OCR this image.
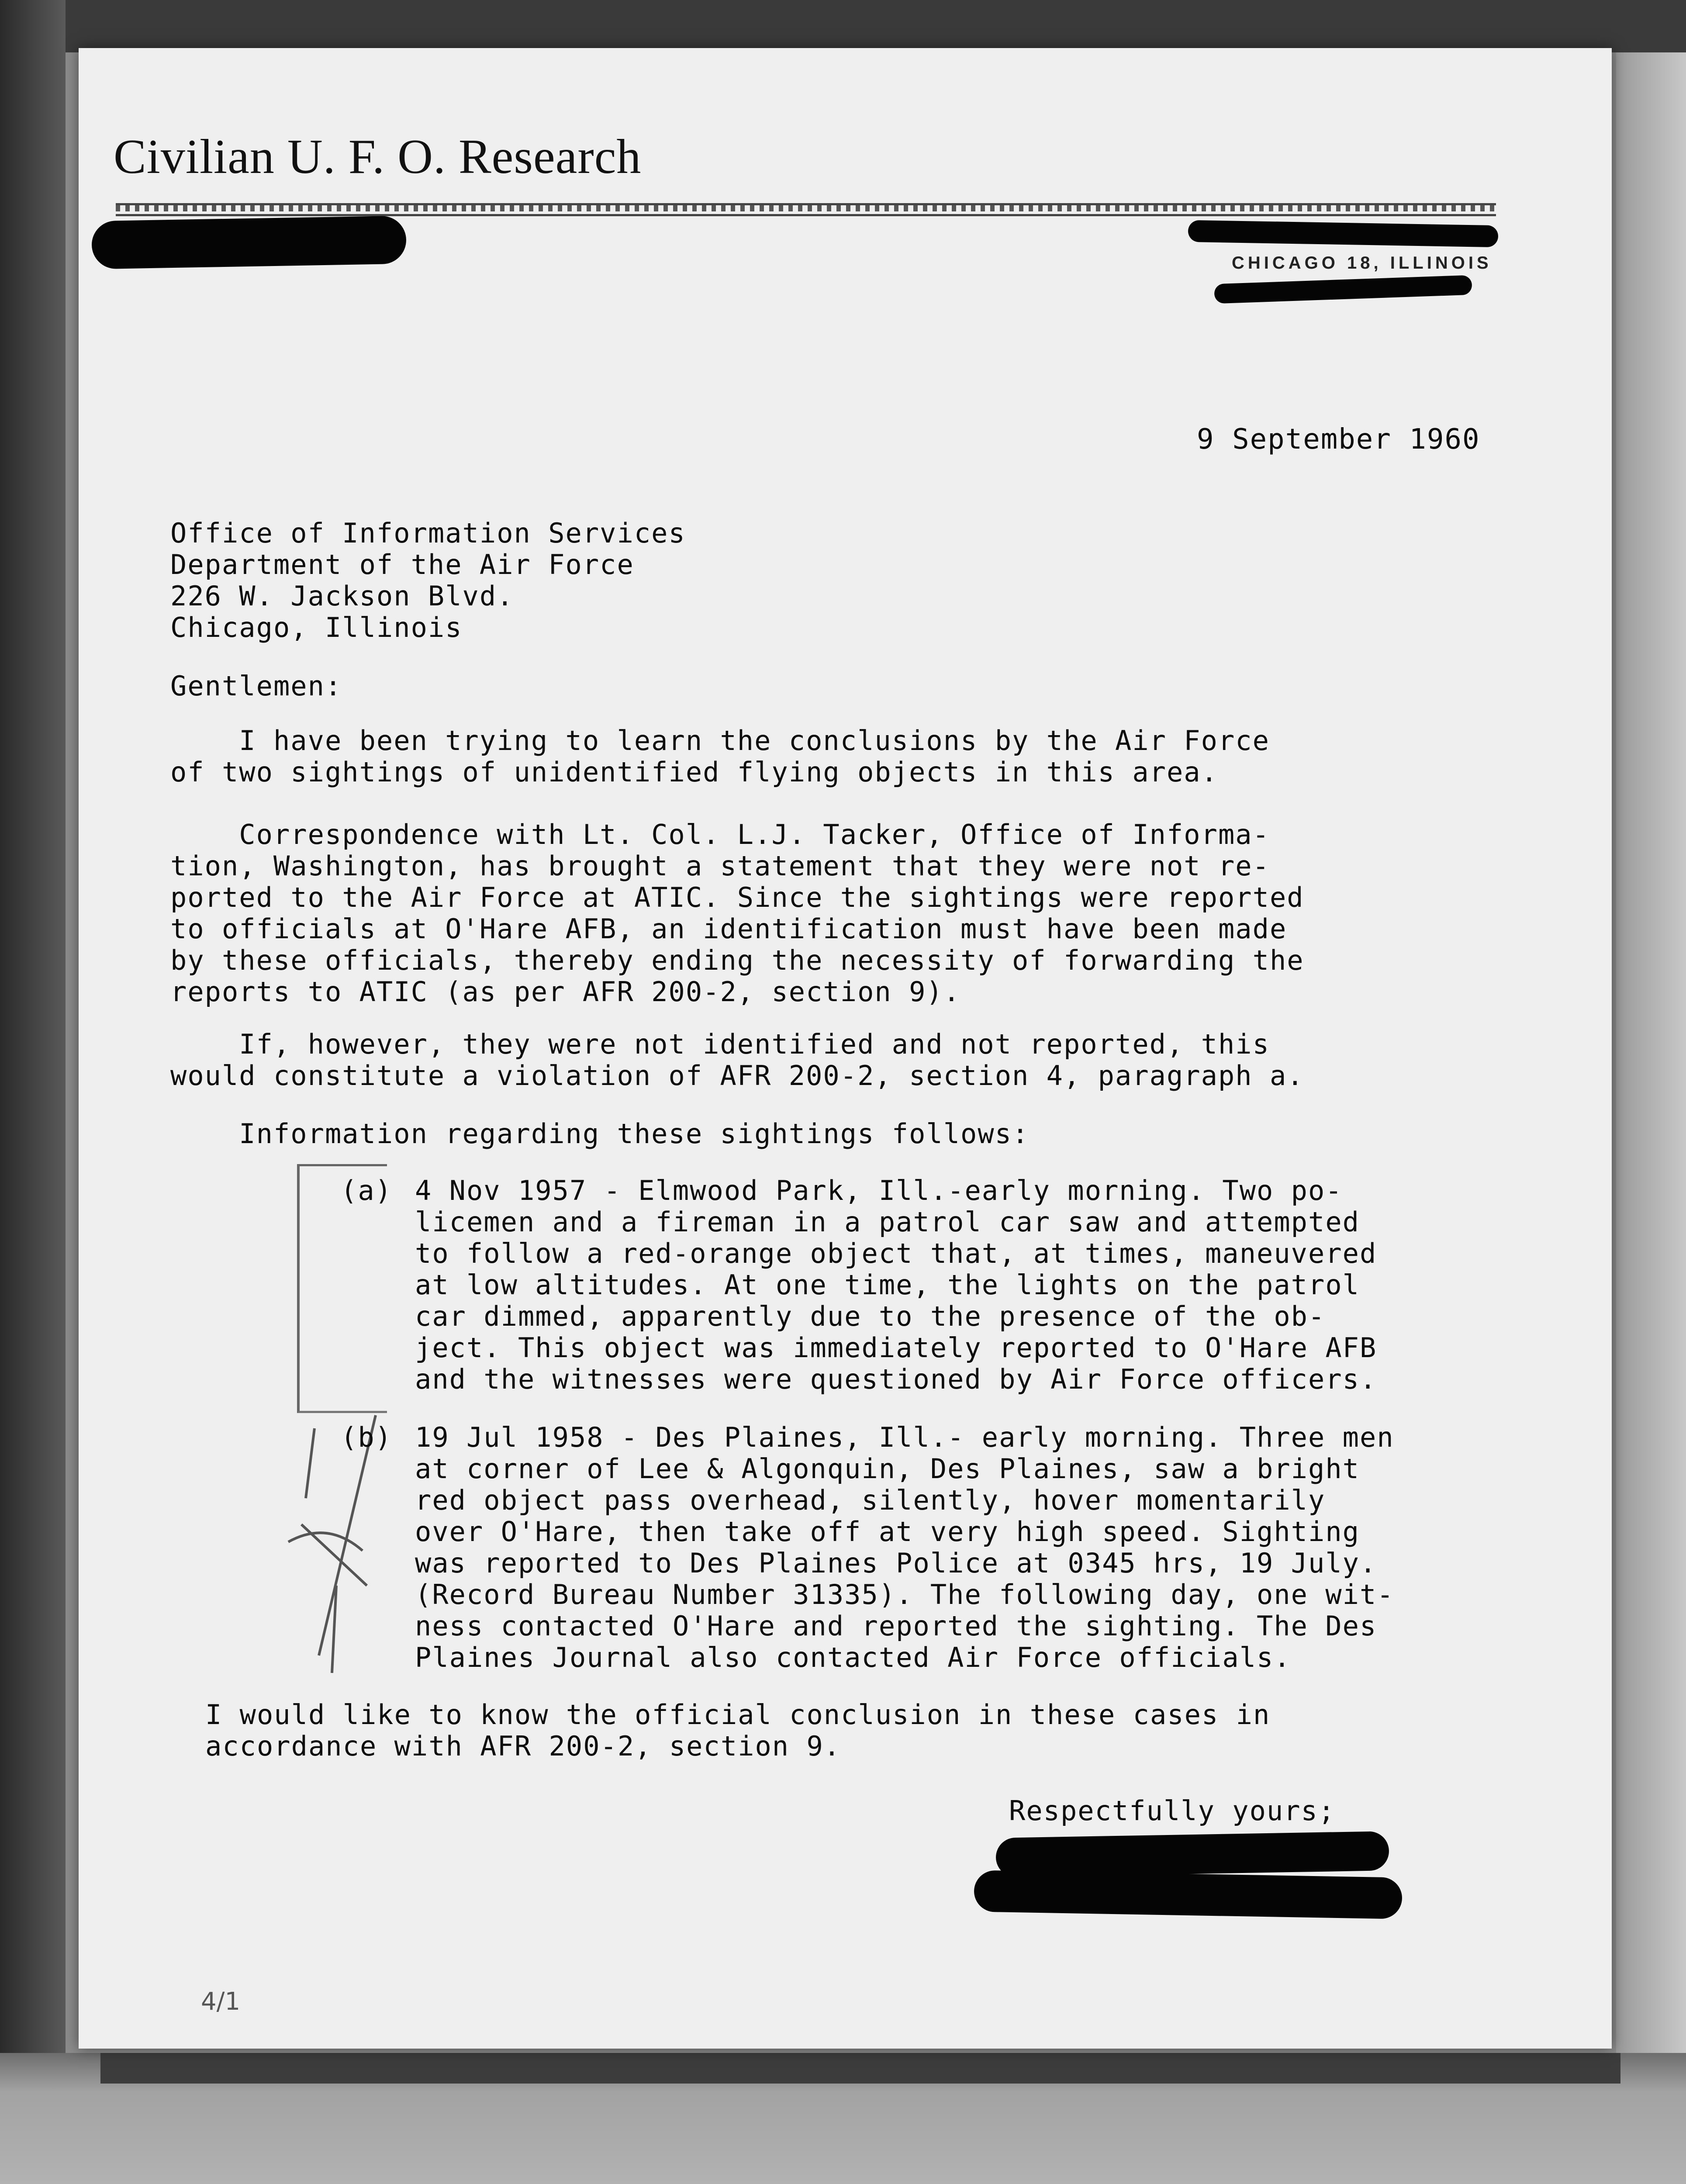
Civilian U. F. O. Research
CHICAGO 18, ILLINOIS
9 September 1960
Office of Information Services
Department of the Air Force
226 W. Jackson Blvd.
Chicago, Illinois
Gentlemen:
I have been trying to learn the conclusions by the Air Force
of two sightings of unidentified flying objects in this area.
Correspondence with Lt. Col. L.J. Tacker, Office of Informa-
tion, Washington, has brought a statement that they were not re-
ported to the Air Force at ATIC. Since the sightings were reported
to officials at O'Hare AFB, an identification must have been made
by these officials, thereby ending the necessity of forwarding the
reports to ATIC (as per AFR 200-2, section 9).
If, however, they were not identified and not reported, this
would constitute a violation of AFR 200-2, section 4, paragraph a.
Information regarding these sightings follows:
(a) 4 Nov 1957 - Elmwood Park, Ill.-early morning. Two po-
licemen and a fireman in a patrol car saw and attempted
to follow a red-orange object that, at times, maneuvered
at low altitudes. At one time, the lights on the patrol
car dimmed, apparently due to the presence of the ob-
ject. This object was immediately reported to O'Hare AFB
and the witnesses were questioned by Air Force officers.
(b) 19 Jul 1958 - Des Plaines, Ill.- early morning. Three men
at corner of Lee & Algonquin, Des Plaines, saw a bright
red object pass overhead, silently, hover momentarily
over O'Hare, then take off at very high speed. Sighting
was reported to Des Plaines Police at 0345 hrs, 19 July.
(Record Bureau Number 31335). The following day, one wit-
ness contacted O'Hare and reported the sighting. The Des
Plaines Journal also contacted Air Force officials.
I would like to know the official conclusion in these cases in
accordance with AFR 200-2, section 9.
Respectfully yours;
4/1
